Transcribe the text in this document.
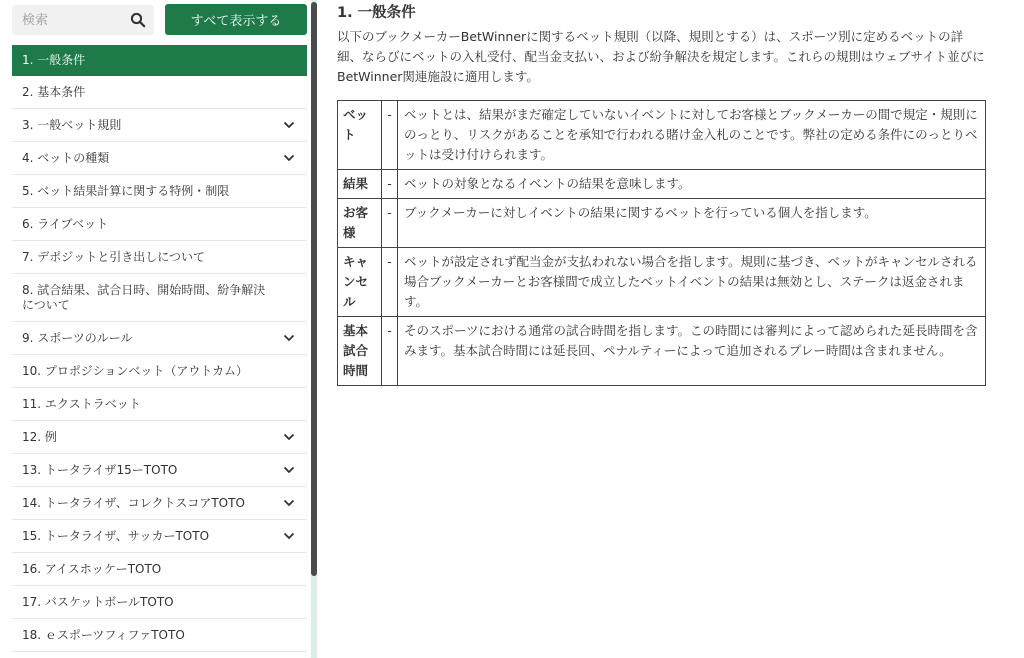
検索
すべて表示する
1. 一般条件
2. 基本条件
3. 一般ベット規則
4. ベットの種類
5. ベット結果計算に関する特例・制限
6. ライブベット
7. デポジットと引き出しについて
8. 試合結果、試合日時、開始時間、紛争解決について
9. スポーツのルール
10. プロポジションベット（アウトカム）
11. エクストラベット
12. 例
13. トータライザ15ーTOTO
14. トータライザ、コレクトスコアTOTO
15. トータライザ、サッカーTOTO
16. アイスホッケーTOTO
17. バスケットボールTOTO
18. ｅスポーツフィファTOTO
1. 一般条件

以下のブックメーカーBetWinnerに関するベット規則（以降、規則とする）は、スポーツ別に定めるベットの詳細、ならびにベットの入札受付、配当金支払い、および紛争解決を規定します。これらの規則はウェブサイト並びにBetWinner関連施設に適用します。

ベット	-	ベットとは、結果がまだ確定していないイベントに対してお客様とブックメーカーの間で規定・規則にのっとり、リスクがあることを承知で行われる賭け金入札のことです。弊社の定める条件にのっとりベットは受け付けられます。
結果	-	ベットの対象となるイベントの結果を意味します。
お客様	-	ブックメーカーに対しイベントの結果に関するベットを行っている個人を指します。
キャンセル	-	ベットが設定されず配当金が支払われない場合を指します。規則に基づき、ベットがキャンセルされる場合ブックメーカーとお客様間で成立したベットイベントの結果は無効とし、ステークは返金されます。
基本試合時間	-	そのスポーツにおける通常の試合時間を指します。この時間には審判によって認められた延長時間を含みます。基本試合時間には延長回、ペナルティーによって追加されるプレー時間は含まれません。
